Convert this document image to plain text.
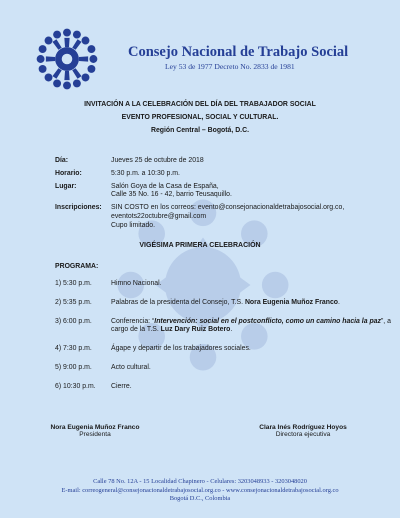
Consejo Nacional de Trabajo Social
Ley 53 de 1977 Decreto No. 2833 de 1981
INVITACIÓN A LA CELEBRACIÓN DEL DÍA DEL TRABAJADOR SOCIAL
EVENTO PROFESIONAL, SOCIAL Y CULTURAL.
Región Central – Bogotá, D.C.
Día:	Jueves 25 de octubre de 2018
Horario:	5:30 p.m. a 10:30 p.m.
Lugar:	Salón Goya de la Casa de España,
Calle 35 No. 16 - 42, barrio Teusaquillo.
Inscripciones:	SIN COSTO en los correos: evento@consejonacionaldetrabajosocial.org.co,
eventots22octubre@gmail.com
Cupo limitado.
VIGÉSIMA PRIMERA CELEBRACIÓN
PROGRAMA:
1) 5:30 p.m.	Himno Nacional.
2) 5:35 p.m.	Palabras de la presidenta del Consejo, T.S. Nora Eugenia Muñoz Franco.
3) 6:00 p.m.	Conferencia: “Intervención: social en el postconflicto, como un camino hacia la paz”, a cargo de la T.S. Luz Dary Ruiz Botero.
4) 7:30 p.m.	Ágape y departir de los trabajadores sociales.
5) 9:00 p.m.	Acto cultural.
6) 10:30 p.m.	Cierre.
Nora Eugenia Muñoz Franco
Presidenta
Clara Inés Rodríguez Hoyos
Directora ejecutiva
Calle 78 No. 12A - 15 Localidad Chapinero - Celulares: 3203048933 - 3203048020
E-mail: correogeneral@consejonacionaldetrabajosocial.org.co - www.consejonacionaldetrabajosocial.org.co
Bogotá D.C., Colombia
